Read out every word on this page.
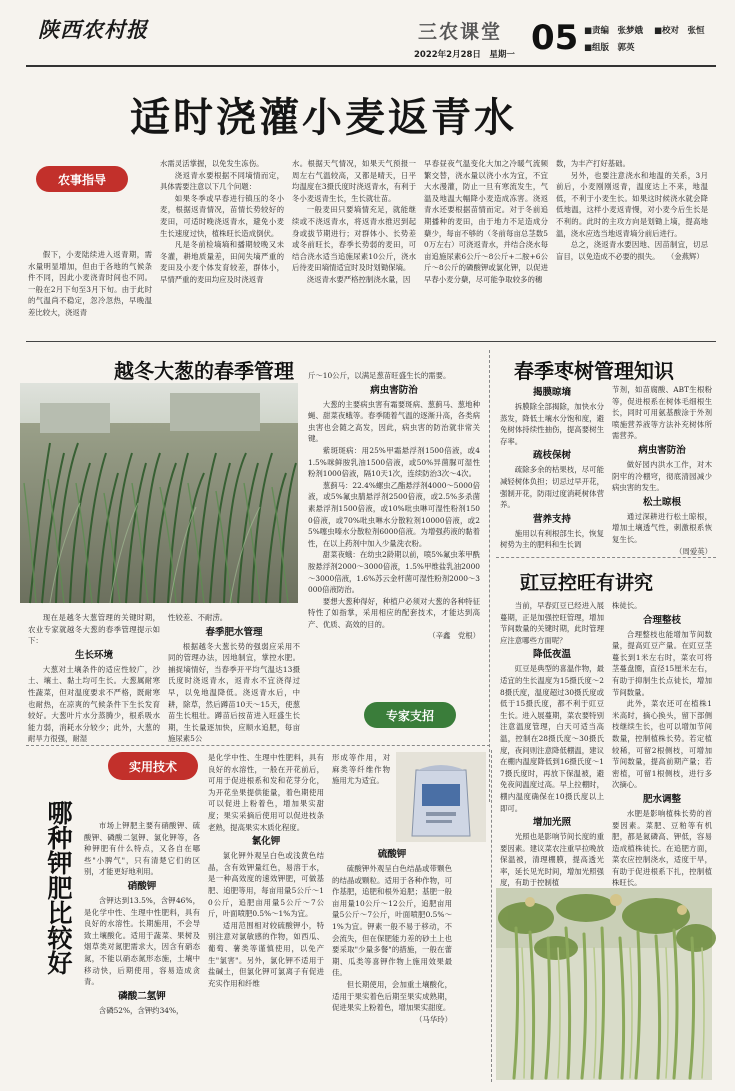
陕西农村报	三农课堂
2022年2月28日　星期一 05 ■责编　张梦娥 ■校对　张恒
■组版　郭英
适时浇灌小麦返青水
农事指导

假下，小麦陆续进入返青期，需水量明显增加，但由于各地的气候条件不同，因此小麦浇青时间也不同。一般在2月下旬至3月下旬。由于此时的气温尚不稳定，忽冷忽热，早晚温差比较大，浇返青

水需灵活掌握，以免发生冻伤。

浇返青水要根据不同墒情而定，具体需要注意以下几个问题：

如果冬季或早春进行镇压的冬小麦，根据返青情况，苗情长势较好的麦田，可适时晚浇返青水，避免小麦生长速度过快，植株旺长造成倒伏。

凡是冬前检墒墒和播期较晚又未冬灌，耕地质量差，田间失墒严重的麦田及小麦个体发育较差，群体小，早情严重的麦田均应及时浇返青

水。根据天气情况，如果天气预报一周左右气温较高，又都是晴天，日平均温度在3摄氏度时浇返青水，有利于冬小麦返青生长，生长就壮苗。

一般麦田只要墒情充足，就能继续或不浇返青水，将返青水推迟到起身或拔节期进行；对群体小、长势差或冬前旺长，春季长势弱的麦田，可结合浇水适当追施尿素10公斤，浇水后待麦田墒情适宜时及时划锄保墒。

浇返青水要严格控制浇水量，因

早春昼夜气温变化大加之冷暖气流频繁交替，浇水量以浇小水为宜，不宜大水漫灌，防止一旦有寒流发生，气温及地温大幅降小麦造成冻害。浇返青水还要根据苗情而定。对于冬前追期播种的麦田，由于地力不足造成分蘖少，每亩不够的（冬前每亩总茎数50万左右）可浇返青水，并结合浇水每亩追施尿素6公斤～8公斤+二胺+6公斤～8公斤的磷酸钾或氯化钾，以促进早春小麦分蘖，尽可能争取较多的穗

数，为丰产打好基础。

另外，也要注意浇水和地温的关系，3月前后，小麦刚刚返青，温度达上不来，地温低，不利于小麦生长。如果这时候浇水就会降低地温，这样小麦返青慢，对小麦今后生长是不利的。此时的主攻方向是划锄上墒，提高地温，浇水应选当地返青墒分前后进行。

总之，浇返青水要因地、因苗制宜，切忌盲目，以免造成不必要的损失。　　（金燕辉）

越冬大葱的春季管理

现在是越冬大葱管理的关键时期，农业专家就越冬大葱的春季管理提示如下：

生长环境

大葱对土壤条件的适应性较广，沙土、壤土、黏土均可生长。大葱属耐寒性蔬菜，但对温度要求不严格，既耐寒也耐热，在凉爽的气候条件下生长发育较好。大葱叶片水分蒸腾少，根系吸水能力弱，消耗水分较少；此外，大葱的耐旱力很强，耐湿

性较差、不耐涝。

春季肥水管理

根据越冬大葱长势的强弱应采用不同的管理办法，因地制宜，掌控水肥。捕捉墒情好，当春季开平均气温达13摄氏度时浇返青水，返青水不宜浇得过早，以免地温降低。浇返青水后，中耕，除草，然后蹲苗10天～15天，使葱苗生长粗壮。蹲苗后按苗进入旺盛生长期，生长量逐加快，应顺水追肥，每亩施尿素5公

斤～10公斤，以满足葱苗旺盛生长的需要。

病虫害防治

大葱的主要病虫害有霜要斑病、葱蓟马、葱地种蝇、甜菜夜蛾等。春季随着气温的逐渐升高，各类病虫害也会随之高发，因此，病虫害的防治就非常关键。

紫斑斑病：用25%甲霜悬浮剂1500倍液，或41.5%咪鲜胺乳油1500倍液，或50%异菌脲可湿性粉剂1000倍液，隔10天1次，连续防治3次～4次。

葱蓟马：22.4%螺虫乙酯悬浮剂4000～5000倍液，或5%氟虫腈悬浮剂2500倍液，或2.5%多杀菌素悬浮剂1500倍液，或10%吡虫啉可湿性粉剂1500倍液，或70%吡虫啉水分散粒剂10000倍液，或25%噻虫嗪水分散粒剂6000倍液。为增强药液的黏着性，在以上药剂中加入少量洗衣粉。

甜菜夜蛾：在幼虫2龄期以前，喷5%氟虫苯甲酰胺悬浮剂2000～3000倍液，1.5%甲维盐乳油2000～3000倍液，1.6%苏云金杆菌可湿性粉剂2000～3000倍液防治。

要想大葱种得好，种植户必须对大葱的各种特征特性了如指掌，采用相应的配套技术，才能达到高产、优质、高效的目的。

（辛鑫　党根）
春季枣树管理知识
揭膜晾墒

拆膜除全部揭除，加快水分蒸发，降低土壤水分饱和度，避免树体持续性抽伤，提高要树生存率。

疏枝保树

疏除多余的枯果枝，尽可能减轻树体负担；切忌过早开花，强制开花，防雨过度消耗树体营养。

营养支持

施用以有利根部生长，恢复树势为主的肥料和生长调

节剂，如苗腐酸、ABT生根粉等，促进根系在树体毛细根生长，同时可用氨基酸涂于外剂喷施营养液等方法补充树体所需营养。

病虫害防治

做好园内洪水工作，对木阴牢的冷棚穹，彻底清园减少病虫害的发生。

松土晾根

通过深耕进行松土晾根，增加土壤透气性，刺激根系恢复生长。

（周爱英）
豇豆控旺有讲究

当前，早春豇豆已经进入展蔓期，正是加强控旺管理，增加节间数量的关键时期，此时管理应注意哪些方面呢？

降低夜温

豇豆是典型的喜温作物，最适宜的生长温度为15摄氏度～28摄氏度，温度超过30摄氏度或低于15摄氏度，都不利于豇豆生长。进入展蔓期，菜农要特别注意温度管理，白天可适当高温，控制在28摄氏度～30摄氏度，夜间则注意降低棚温，建议在棚内温度降低到16摄氏度～17摄氏度时，再放下保温被，避免夜间温度过高。早上拉棚时，棚内温度确保在10摄氏度以上即可。

增加光照

光照也是影响节间长度的重要因素。建议菜农注重早拉晚放保温被，清理棚膜，提高透光率，延长见光时间，增加光照强度，有助于控制植

株徒长。

合理整枝

合理整枝也能增加节间数量，提高豇豆产量。在豇豆茎蔓长到1米左右时，菜农可将茎蔓盘圈，直径15厘米左右，有助于抑制生长点徒长，增加节间数量。

此外，菜农还可在植株1米高时，摘心换头，留下部侧枝继续生长，也可以增加节间数量，控制植株长势。若定植较稀，可留2根侧枝，可增加节间数量，提高前期产量；若密植，可留1根侧枝，进行多次摘心。

肥水调整

水肥是影响植株长势的首要因素。菜肥、豆粕等有机肥，都是氮磷高、钾低，容易造成植株徒长。在追肥方面，菜农应控制浇水，适度干旱，有助于促进根系下扎，控制植株旺长。

专家支招
实用技术
哪种钾肥比较好	市场上钾肥主要有硝酸钾、硫酸钾、磷酸二氢钾、氯化钾等，各种钾肥有什么特点，又各自在哪些"小脾气"，只有清楚它们的区别，才能更好地利用。

硝酸钾

含钾达到13.5%，含钾46%，是化学中性、生理中性肥料，具有良好的水溶性。长期施用，不会导致土壤酸化。适用于蔬菜、果树及烟草类对氮肥需求大，因含有硝态氮，不能以硝态氮形态施，土壤中移动快，后期使用，容易造成贪青。

磷酸二氢钾

含磷52%，含钾约34%，

是化学中性、生理中性肥料，具有良好的水溶性，一般在开花前后，可用于促进根系和发和花芽分化，为开花坐果提供能量，着色期使用可以促进上粉着色，增加果实甜度；果实采摘后使用可以促进枝条老熟，提高果实木质化程度。

氯化钾

氯化钾外观呈白色或浅黄色结晶，含有效钾量红色，易溶于水，是一种高效度的速效钾肥，可做基肥、追肥等用，每亩用量5公斤～10公斤，追肥亩用量5公斤～7公斤，叶面喷肥0.5%～1%为宜。

适用范围相对较硫酸钾小，特别注意对氯敏感的作物，如西瓜、葡萄、薯类等谨慎使用，以免产生"氯害"。另外，氯化钾不适用于盐碱土，但氯化钾可氯离子有促进充实作用和纤维

形成等作用，对麻类等纤维作物施用尤为适宜。

硫酸钾

硫酸钾外观呈白色结晶或带颗色的结晶或颗粒。适用于各种作物，可作基肥，追肥和根外追肥；基肥一般亩用量10公斤～12公斤，追肥亩用量5公斤～7公斤，叶面喷肥0.5%～1%为宜。钾素一般不易于移动，不会流失，但在保肥能力差的砂土上也要采取"少量多餐"的措施，一般在蕾期、瓜类等喜钾作物上施用效果最佳。

但长期使用，会加重土壤酸化，适用于果实着色后期至果实成熟期，促进果实上粉着色，增加果实甜度。

（马华玲）
